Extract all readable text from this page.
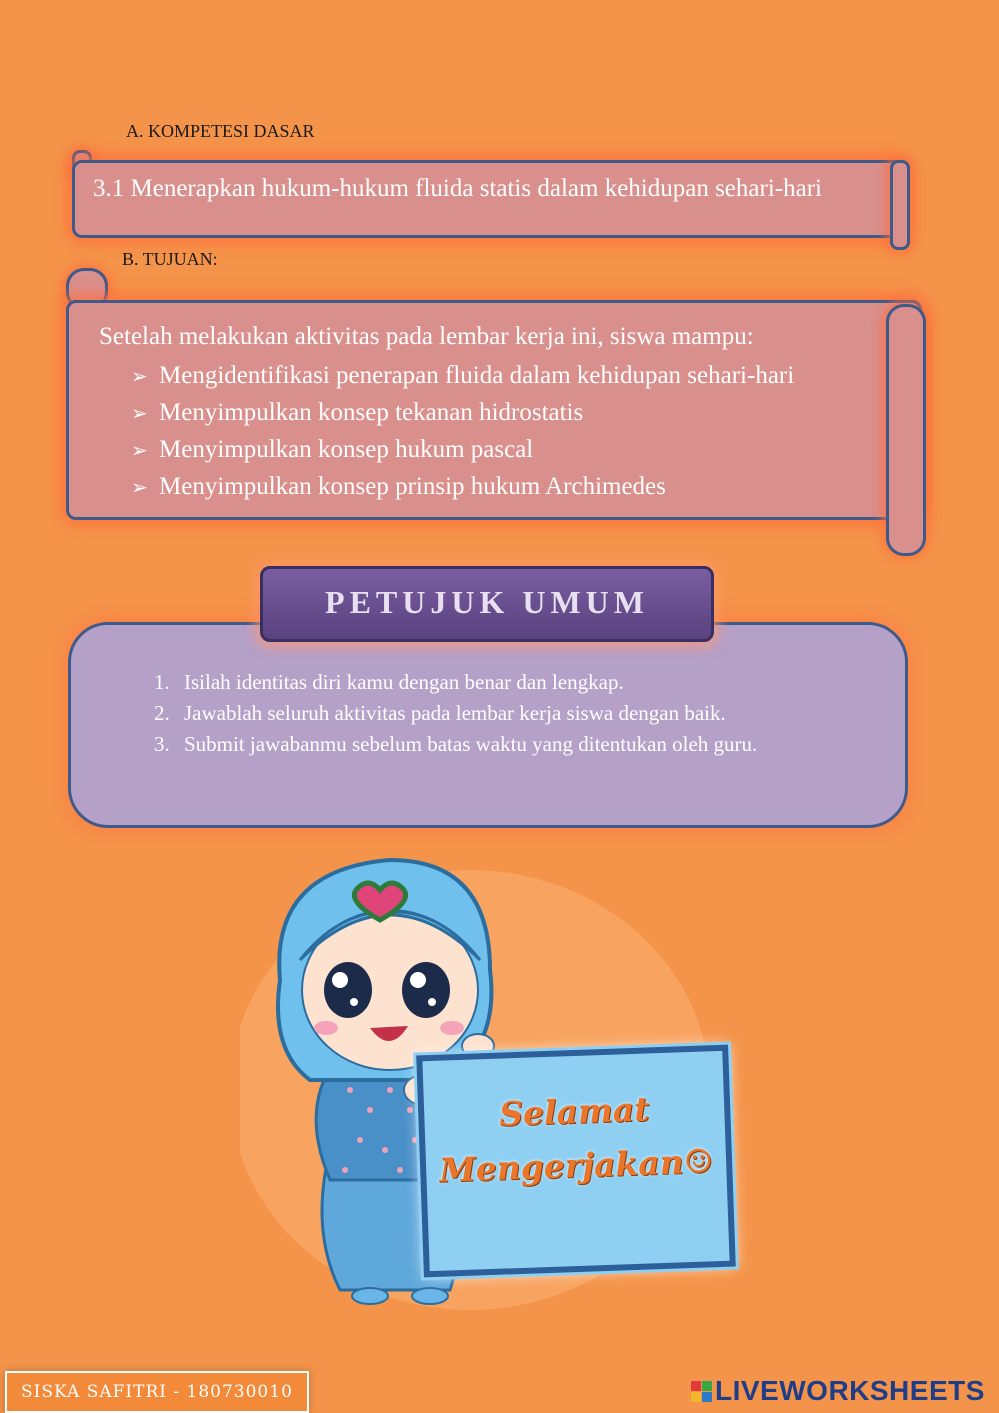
A. KOMPETESI DASAR
3.1 Menerapkan hukum-hukum fluida statis dalam kehidupan sehari-hari
B. TUJUAN:
Setelah melakukan aktivitas pada lembar kerja ini, siswa mampu:
➢ Mengidentifikasi penerapan fluida dalam kehidupan sehari-hari
➢ Menyimpulkan konsep tekanan hidrostatis
➢ Menyimpulkan konsep hukum pascal
➢ Menyimpulkan konsep prinsip hukum Archimedes
1. Isilah identitas diri kamu dengan benar dan lengkap.
2. Jawablah seluruh aktivitas pada lembar kerja siswa dengan baik.
3. Submit jawabanmu sebelum batas waktu yang ditentukan oleh guru.
PETUJUK UMUM
Selamat
Mengerjakan☺
SISKA SAFITRI - 180730010	LIVEWORKSHEETS
